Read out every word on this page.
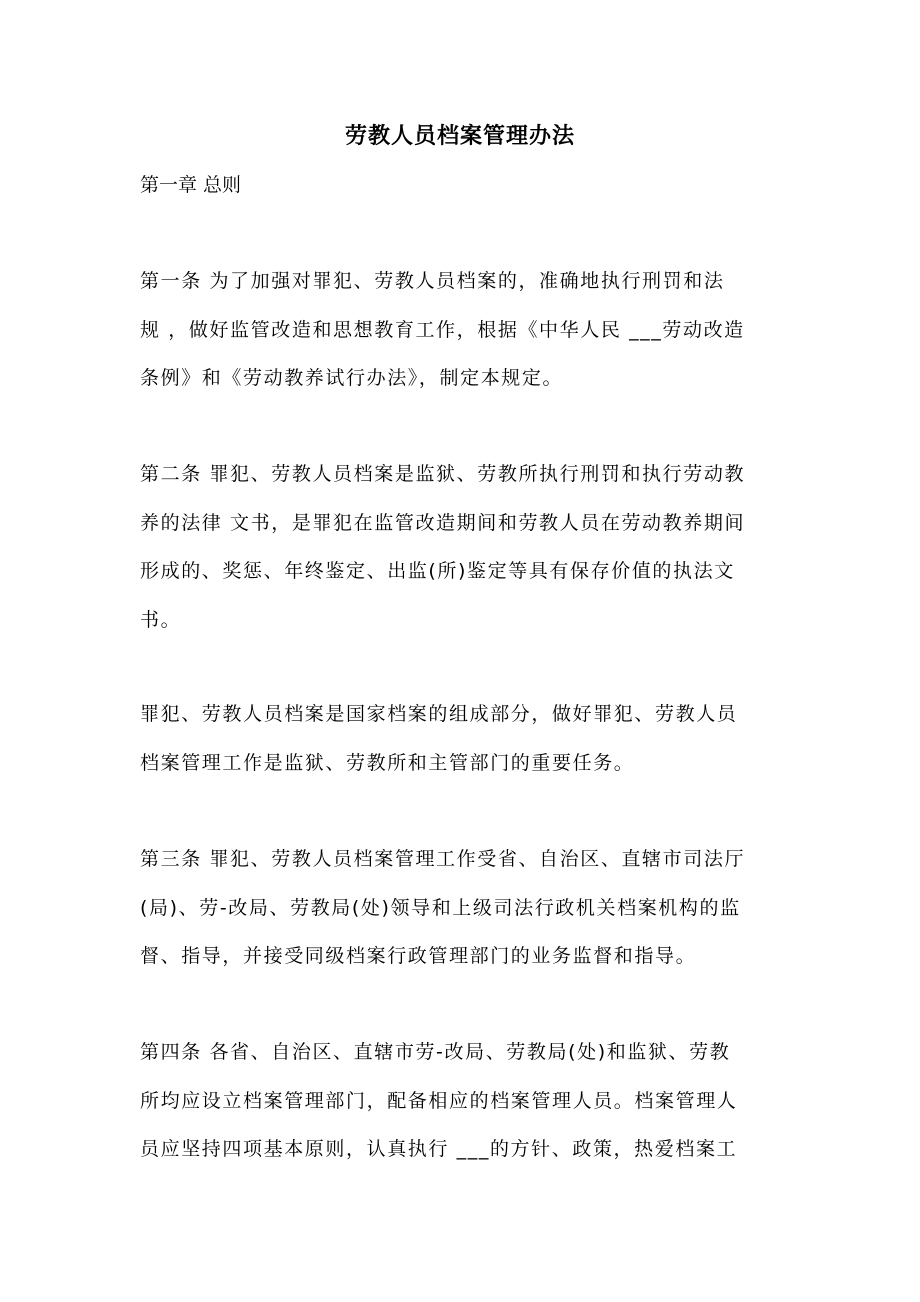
劳教人员档案管理办法
第一章 总则
第一条 为了加强对罪犯、劳教人员档案的，准确地执行刑罚和法
规 ，做好监管改造和思想教育工作，根据《中华人民 ___劳动改造
条例》和《劳动教养试行办法》，制定本规定。
第二条 罪犯、劳教人员档案是监狱、劳教所执行刑罚和执行劳动教
养的法律 文书，是罪犯在监管改造期间和劳教人员在劳动教养期间
形成的、奖惩、年终鉴定、出监(所)鉴定等具有保存价值的执法文
书。
罪犯、劳教人员档案是国家档案的组成部分，做好罪犯、劳教人员
档案管理工作是监狱、劳教所和主管部门的重要任务。
第三条 罪犯、劳教人员档案管理工作受省、自治区、直辖市司法厅
(局)、劳-改局、劳教局(处)领导和上级司法行政机关档案机构的监
督、指导，并接受同级档案行政管理部门的业务监督和指导。
第四条 各省、自治区、直辖市劳-改局、劳教局(处)和监狱、劳教
所均应设立档案管理部门，配备相应的档案管理人员。档案管理人
员应坚持四项基本原则，认真执行 ___的方针、政策，热爱档案工
